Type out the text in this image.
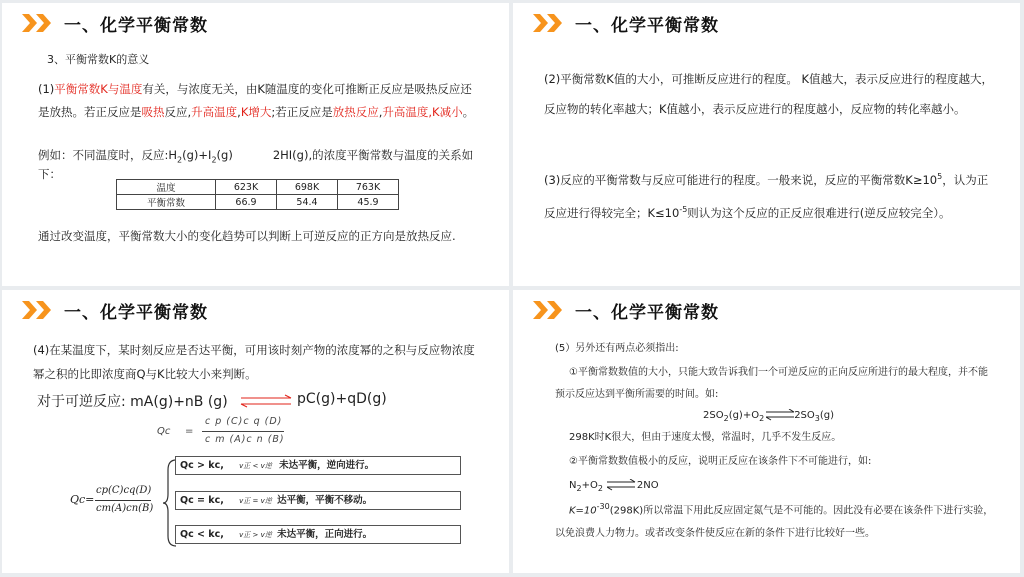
一、化学平衡常数
3、平衡常数K的意义
(1)平衡常数K与温度有关，与浓度无关，由K随温度的变化可推断正反应是吸热反应还是放热。若正反应是吸热反应,升高温度,K增大;若正反应是放热反应,升高温度,K减小。
例如：不同温度时，反应$:H_2(g)+I_2(g)$	2HI(g),的浓度平衡常数与温度的关系如下：
温度	623K	698K	763K
平衡常数	66.9	54.4	45.9
通过改变温度，平衡常数大小的变化趋势可以判断上可逆反应的正方向是放热反应.
一、化学平衡常数
(2)平衡常数K值的大小，可推断反应进行的程度。 K值越大，表示反应进行的程度越大，反应物的转化率越大；K值越小，表示反应进行的程度越小，反应物的转化率越小。
(3)反应的平衡常数与反应可能进行的程度。一般来说，反应的平衡常数$K\ge 10^5$，认为正反应进行得较完全；$K\le 10^{-5}$则认为这个反应的正反应很难进行(逆反应较完全）。
一、化学平衡常数
(4)在某温度下，某时刻反应是否达平衡，可用该时刻产物的浓度幂的之积与反应物浓度幂之积的比即浓度商Q与K比较大小来判断。
对于可逆反应: mA(g)+nB (g) ⇌ pC(g)+qD(g)
Qc =
c p (C)c q (D)
c m (A)c n (B)
Qc=
cp(C)cq(D)
cm(A)cn(B)
Qc > kc, v正 < v逆 未达平衡，逆向进行。
Qc = kc, v正 = v逆 达平衡，平衡不移动。
Qc < kc, v正 > v逆 未达平衡，正向进行。
一、化学平衡常数
(5）另外还有两点必须指出:
①平衡常数数值的大小，只能大致告诉我们一个可逆反应的正向反应所进行的最大程度，并不能预示反应达到平衡所需要的时间。如:
$2SO_2(g)+O_2$	$2SO_3(g)$
298K时K很大，但由于速度太慢，常温时，几乎不发生反应。
②平衡常数数值极小的反应，说明正反应在该条件下不可能进行，如:
$N_2+O_2$	2NO
$K=10^{-30}(298K)$所以常温下用此反应固定氮气是不可能的。因此没有必要在该条件下进行实验，以免浪费人力物力。或者改变条件使反应在新的条件下进行比较好一些。
